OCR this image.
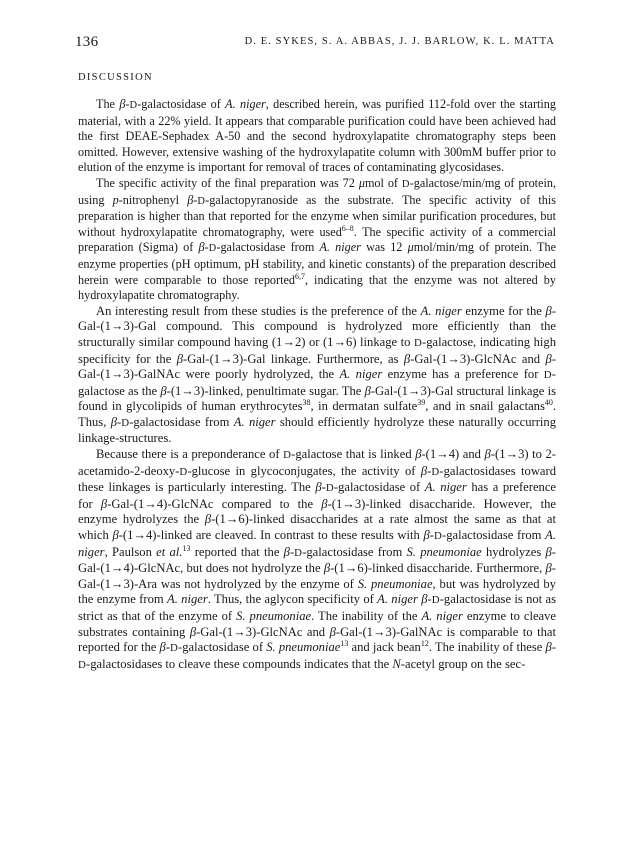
136	D. E. SYKES, S. A. ABBAS, J. J. BARLOW, K. L. MATTA
DISCUSSION

The β-D-galactosidase of A. niger, described herein, was purified 112-fold over the starting material, with a 22% yield. It appears that comparable purification could have been achieved had the first DEAE-Sephadex A-50 and the second hydroxylapatite chromatography steps been omitted. However, extensive washing of the hydroxylapatite column with 300mM buffer prior to elution of the enzyme is important for removal of traces of contaminating glycosidases.

The specific activity of the final preparation was 72 μmol of D-galactose/min/mg of protein, using p-nitrophenyl β-D-galactopyranoside as the substrate. The specific activity of this preparation is higher than that reported for the enzyme when similar purification procedures, but without hydroxylapatite chromatography, were used$^{6-8}$. The specific activity of a commercial preparation (Sigma) of β-D-galactosidase from A. niger was 12 μmol/min/mg of protein. The enzyme properties (pH optimum, pH stability, and kinetic constants) of the preparation described herein were comparable to those reported$^{6,7}$, indicating that the enzyme was not altered by hydroxylapatite chromatography.

An interesting result from these studies is the preference of the A. niger enzyme for the β-Gal-(1→3)-Gal compound. This compound is hydrolyzed more efficiently than the structurally similar compound having (1→2) or (1→6) linkage to D-galactose, indicating high specificity for the β-Gal-(1→3)-Gal linkage. Furthermore, as β-Gal-(1→3)-GlcNAc and β-Gal-(1→3)-GalNAc were poorly hydrolyzed, the A. niger enzyme has a preference for D-galactose as the β-(1→3)-linked, penultimate sugar. The β-Gal-(1→3)-Gal structural linkage is found in glycolipids of human erythrocytes$^{38}$, in dermatan sulfate$^{39}$, and in snail galactans$^{40}$. Thus, β-D-galactosidase from A. niger should efficiently hydrolyze these naturally occurring linkage-structures.

Because there is a preponderance of D-galactose that is linked β-(1→4) and β-(1→3) to 2-acetamido-2-deoxy-D-glucose in glycoconjugates, the activity of β-D-galactosidases toward these linkages is particularly interesting. The β-D-galactosidase of A. niger has a preference for β-Gal-(1→4)-GlcNAc compared to the β-(1→3)-linked disaccharide. However, the enzyme hydrolyzes the β-(1→6)-linked disaccharides at a rate almost the same as that at which β-(1→4)-linked are cleaved. In contrast to these results with β-D-galactosidase from A. niger, Paulson et al.$^{13}$ reported that the β-D-galactosidase from S. pneumoniae hydrolyzes β-Gal-(1→4)-GlcNAc, but does not hydrolyze the β-(1→6)-linked disaccharide. Furthermore, β-Gal-(1→3)-Ara was not hydrolyzed by the enzyme of S. pneumoniae, but was hydrolyzed by the enzyme from A. niger. Thus, the aglycon specificity of A. niger β-D-galactosidase is not as strict as that of the enzyme of S. pneumoniae. The inability of the A. niger enzyme to cleave substrates containing β-Gal-(1→3)-GlcNAc and β-Gal-(1→3)-GalNAc is comparable to that reported for the β-D-galactosidase of S. pneumoniae$^{13}$ and jack bean$^{12}$. The inability of these β-D-galactosidases to cleave these compounds indicates that the N-acetyl group on the sec-
